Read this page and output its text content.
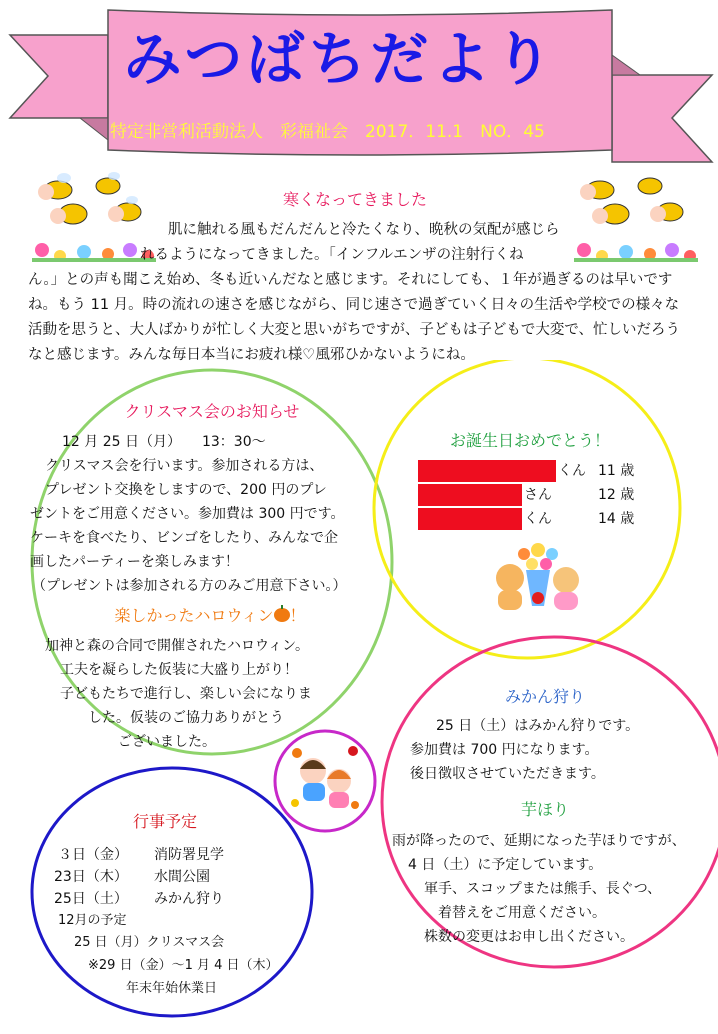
みつばちだより
特定非営利活動法人　彩福祉会　2017．11.1　NO．45
寒くなってきました
肌に触れる風もだんだんと冷たくなり、晩秋の気配が感じら
れるようになってきました。「インフルエンザの注射行くね
ん。」との声も聞こえ始め、冬も近いんだなと感じます。それにしても、１年が過ぎるのは早いです
ね。もう 11 月。時の流れの速さを感じながら、同じ速さで過ぎていく日々の生活や学校での様々な
活動を思うと、大人ばかりが忙しく大変と思いがちですが、子どもは子どもで大変で、忙しいだろう
なと感じます。みんな毎日本当にお疲れ様♡風邪ひかないようにね。
クリスマス会のお知らせ
12 月 25 日（月）　　13：30～
クリスマス会を行います。参加される方は、
プレゼント交換をしますので、200 円のプレ
ゼントをご用意ください。参加費は 300 円です。
ケーキを食べたり、ビンゴをしたり、みんなで企
画したパーティーを楽しみます！
（プレゼントは参加される方のみご用意下さい。）
楽しかったハロウィン ！
加神と森の合同で開催されたハロウィン。
工夫を凝らした仮装に大盛り上がり！
子どもたちで進行し、楽しい会になりま
した。仮装のご協力ありがとう
ございました。
お誕生日おめでとう！
くん 11 歳
さん	12 歳
くん	14 歳
みかん狩り
25 日（土）はみかん狩りです。
参加費は 700 円になります。
後日徴収させていただきます。
芋ほり
雨が降ったので、延期になった芋ほりですが、
4 日（土）に予定しています。
軍手、スコップまたは熊手、長ぐつ、
着替えをご用意ください。
株数の変更はお申し出ください。
行事予定
３日（金） 消防署見学
23日（木） 水間公園
25日（土） みかん狩り
12月の予定
25 日（月）クリスマス会
※29 日（金）～1 月 4 日（木）
年末年始休業日
